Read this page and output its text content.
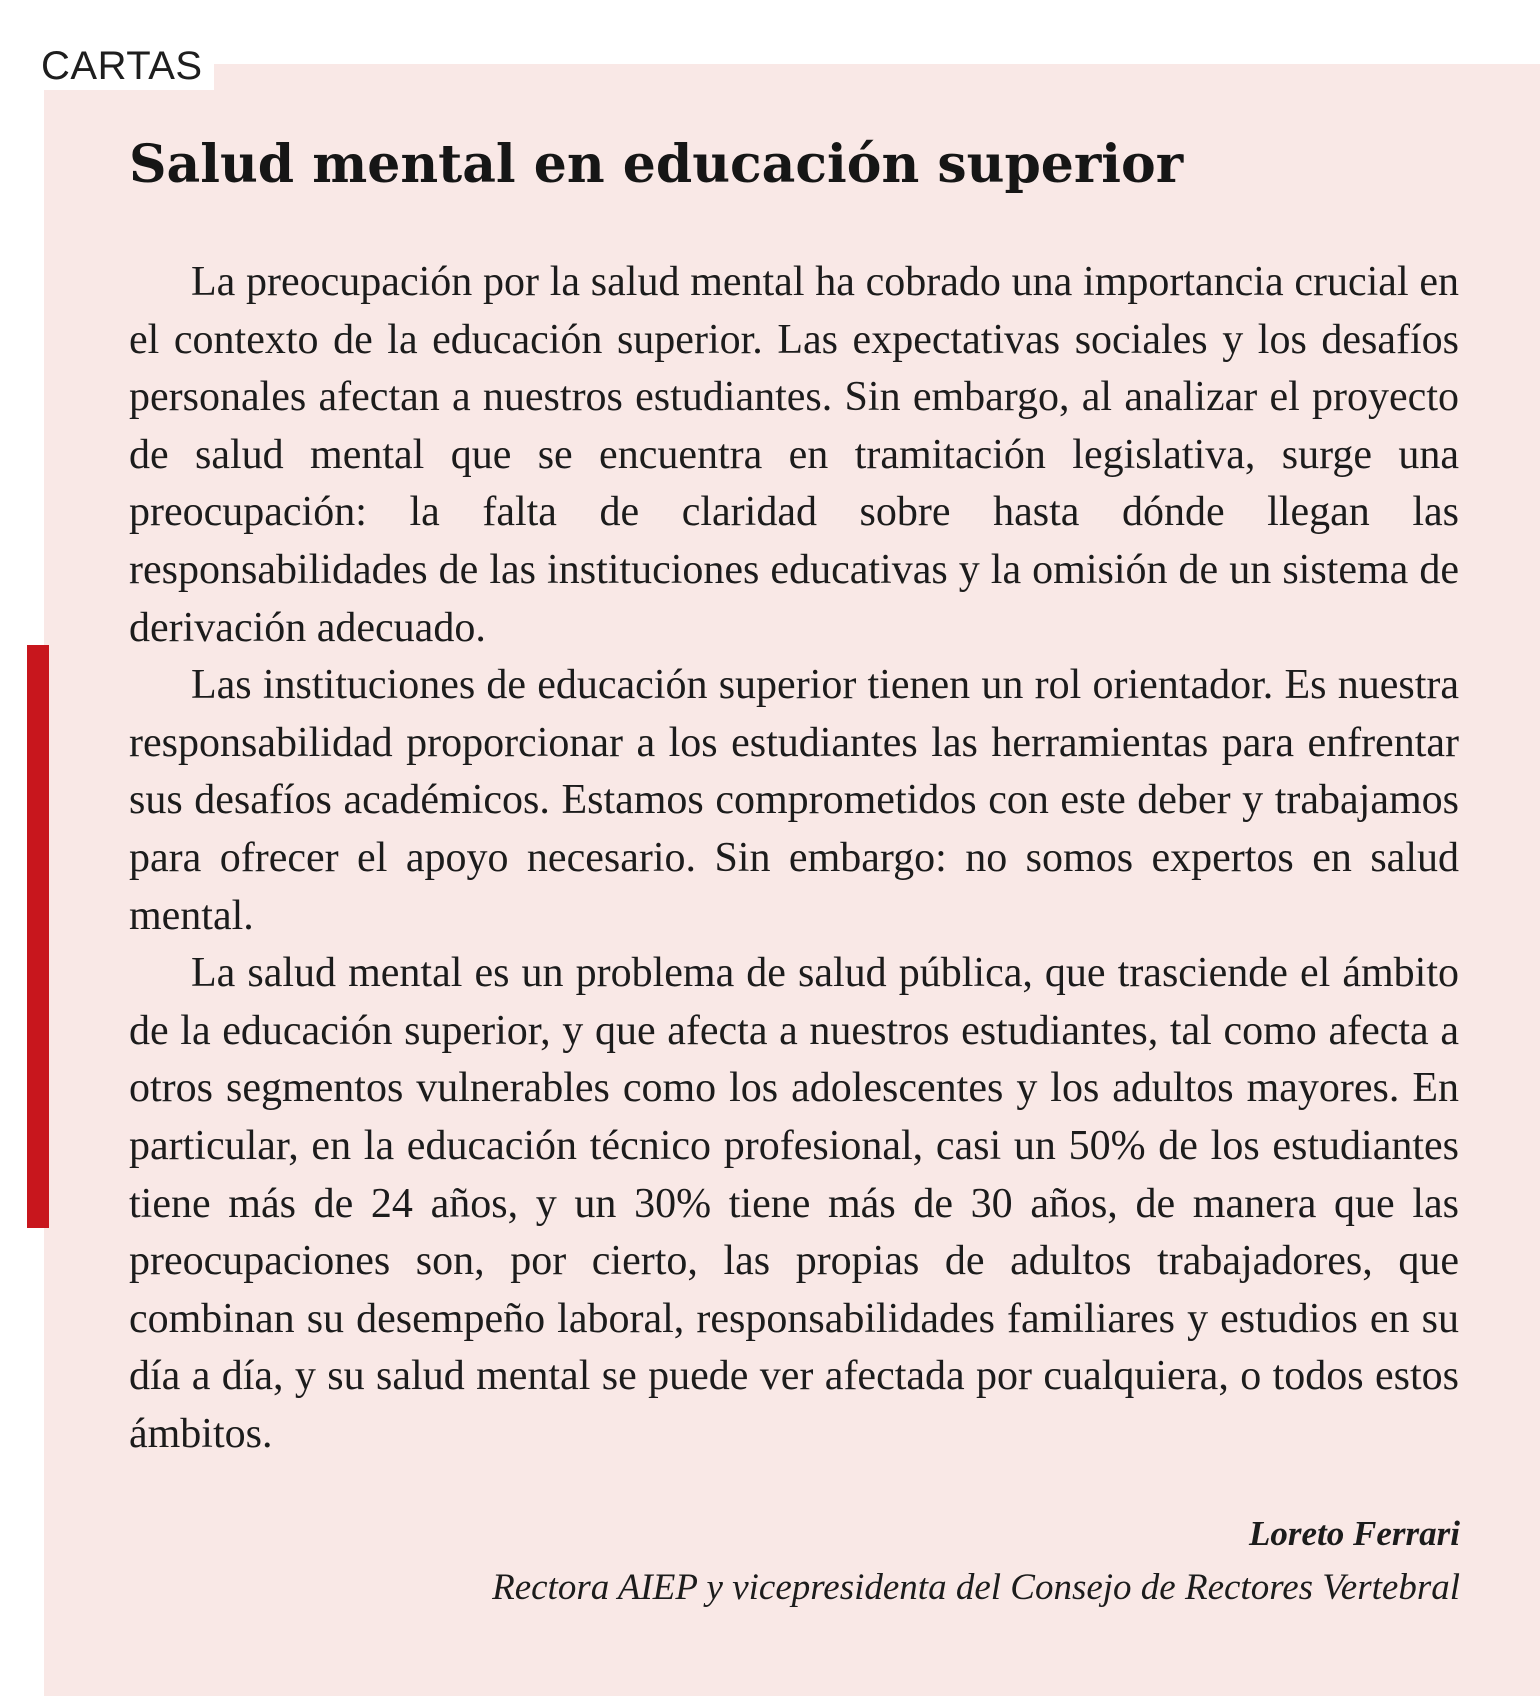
CARTAS
Salud mental en educación superior

La preocupación por la salud mental ha cobrado una importancia crucial en el contexto de la educación superior. Las expectativas sociales y los desafíos personales afectan a nuestros estudiantes. Sin embargo, al analizar el proyecto de salud mental que se encuentra en tramitación legislativa, surge una preocupación: la falta de claridad sobre hasta dónde llegan las responsabilidades de las instituciones educativas y la omisión de un sistema de derivación adecuado.

Las instituciones de educación superior tienen un rol orientador. Es nuestra responsabilidad proporcionar a los estudiantes las herramientas para enfrentar sus desafíos académicos. Estamos comprometidos con este deber y trabajamos para ofrecer el apoyo necesario. Sin embargo: no somos expertos en salud mental.

La salud mental es un problema de salud pública, que trasciende el ámbito de la educación superior, y que afecta a nuestros estudiantes, tal como afecta a otros segmentos vulnerables como los adolescentes y los adultos mayores. En particular, en la educación técnico profesional, casi un 50% de los estudiantes tiene más de 24 años, y un 30% tiene más de 30 años, de manera que las preocupaciones son, por cierto, las propias de adultos trabajadores, que combinan su desempeño laboral, responsabilidades familiares y estudios en su día a día, y su salud mental se puede ver afectada por cualquiera, o todos estos ámbitos.

Loreto Ferrari
Rectora AIEP y vicepresidenta del Consejo de Rectores Vertebral
